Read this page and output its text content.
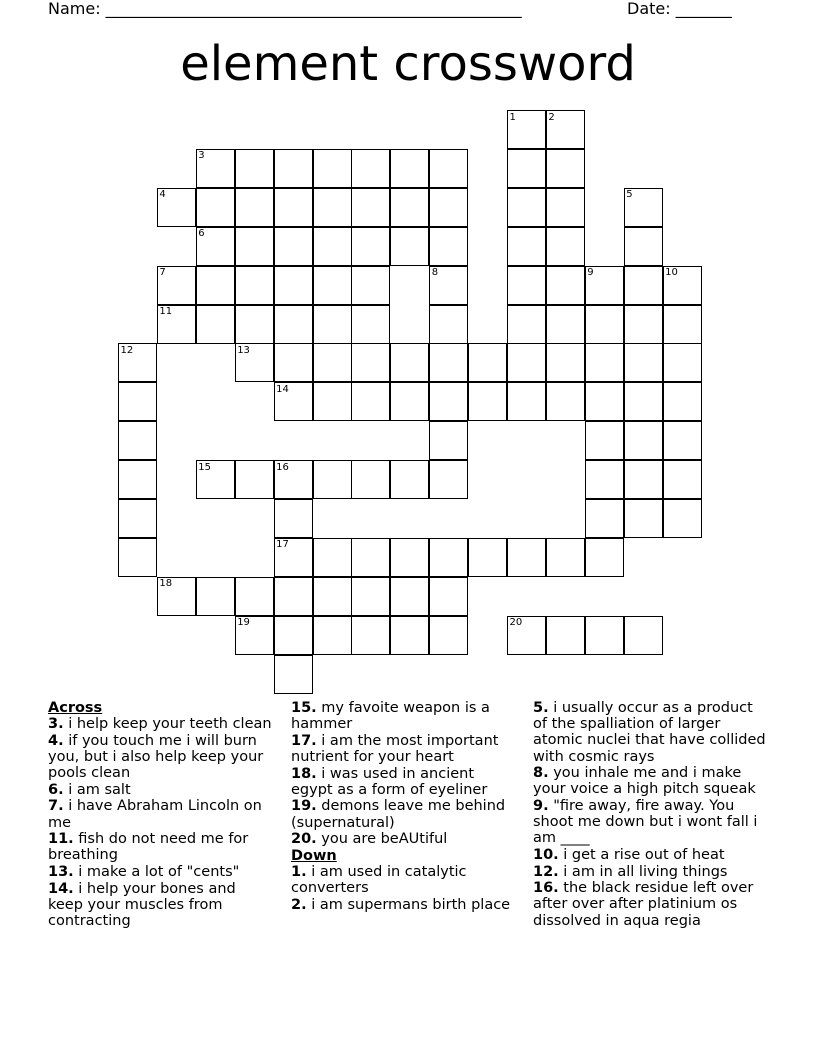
Name: ____________________________________________________	Date: _______
element crossword
1	2
3
4	5
6
7	8	9	10
11
12	13
14
15	16
17
18
19	20
Across
3. i help keep your teeth clean
4. if you touch me i will burn you, but i also help keep your pools clean
6. i am salt
7. i have Abraham Lincoln on me
11. fish do not need me for breathing
13. i make a lot of "cents"
14. i help your bones and keep your muscles from contracting
15. my favoite weapon is a hammer
17. i am the most important nutrient for your heart
18. i was used in ancient egypt as a form of eyeliner
19. demons leave me behind (supernatural)
20. you are beAUtiful
Down
1. i am used in catalytic converters
2. i am supermans birth place
5. i usually occur as a product of the spalliation of larger atomic nuclei that have collided with cosmic rays
8. you inhale me and i make your voice a high pitch squeak
9. "fire away, fire away. You shoot me down but i wont fall i am ____
10. i get a rise out of heat
12. i am in all living things
16. the black residue left over after over after platinium os dissolved in aqua regia
